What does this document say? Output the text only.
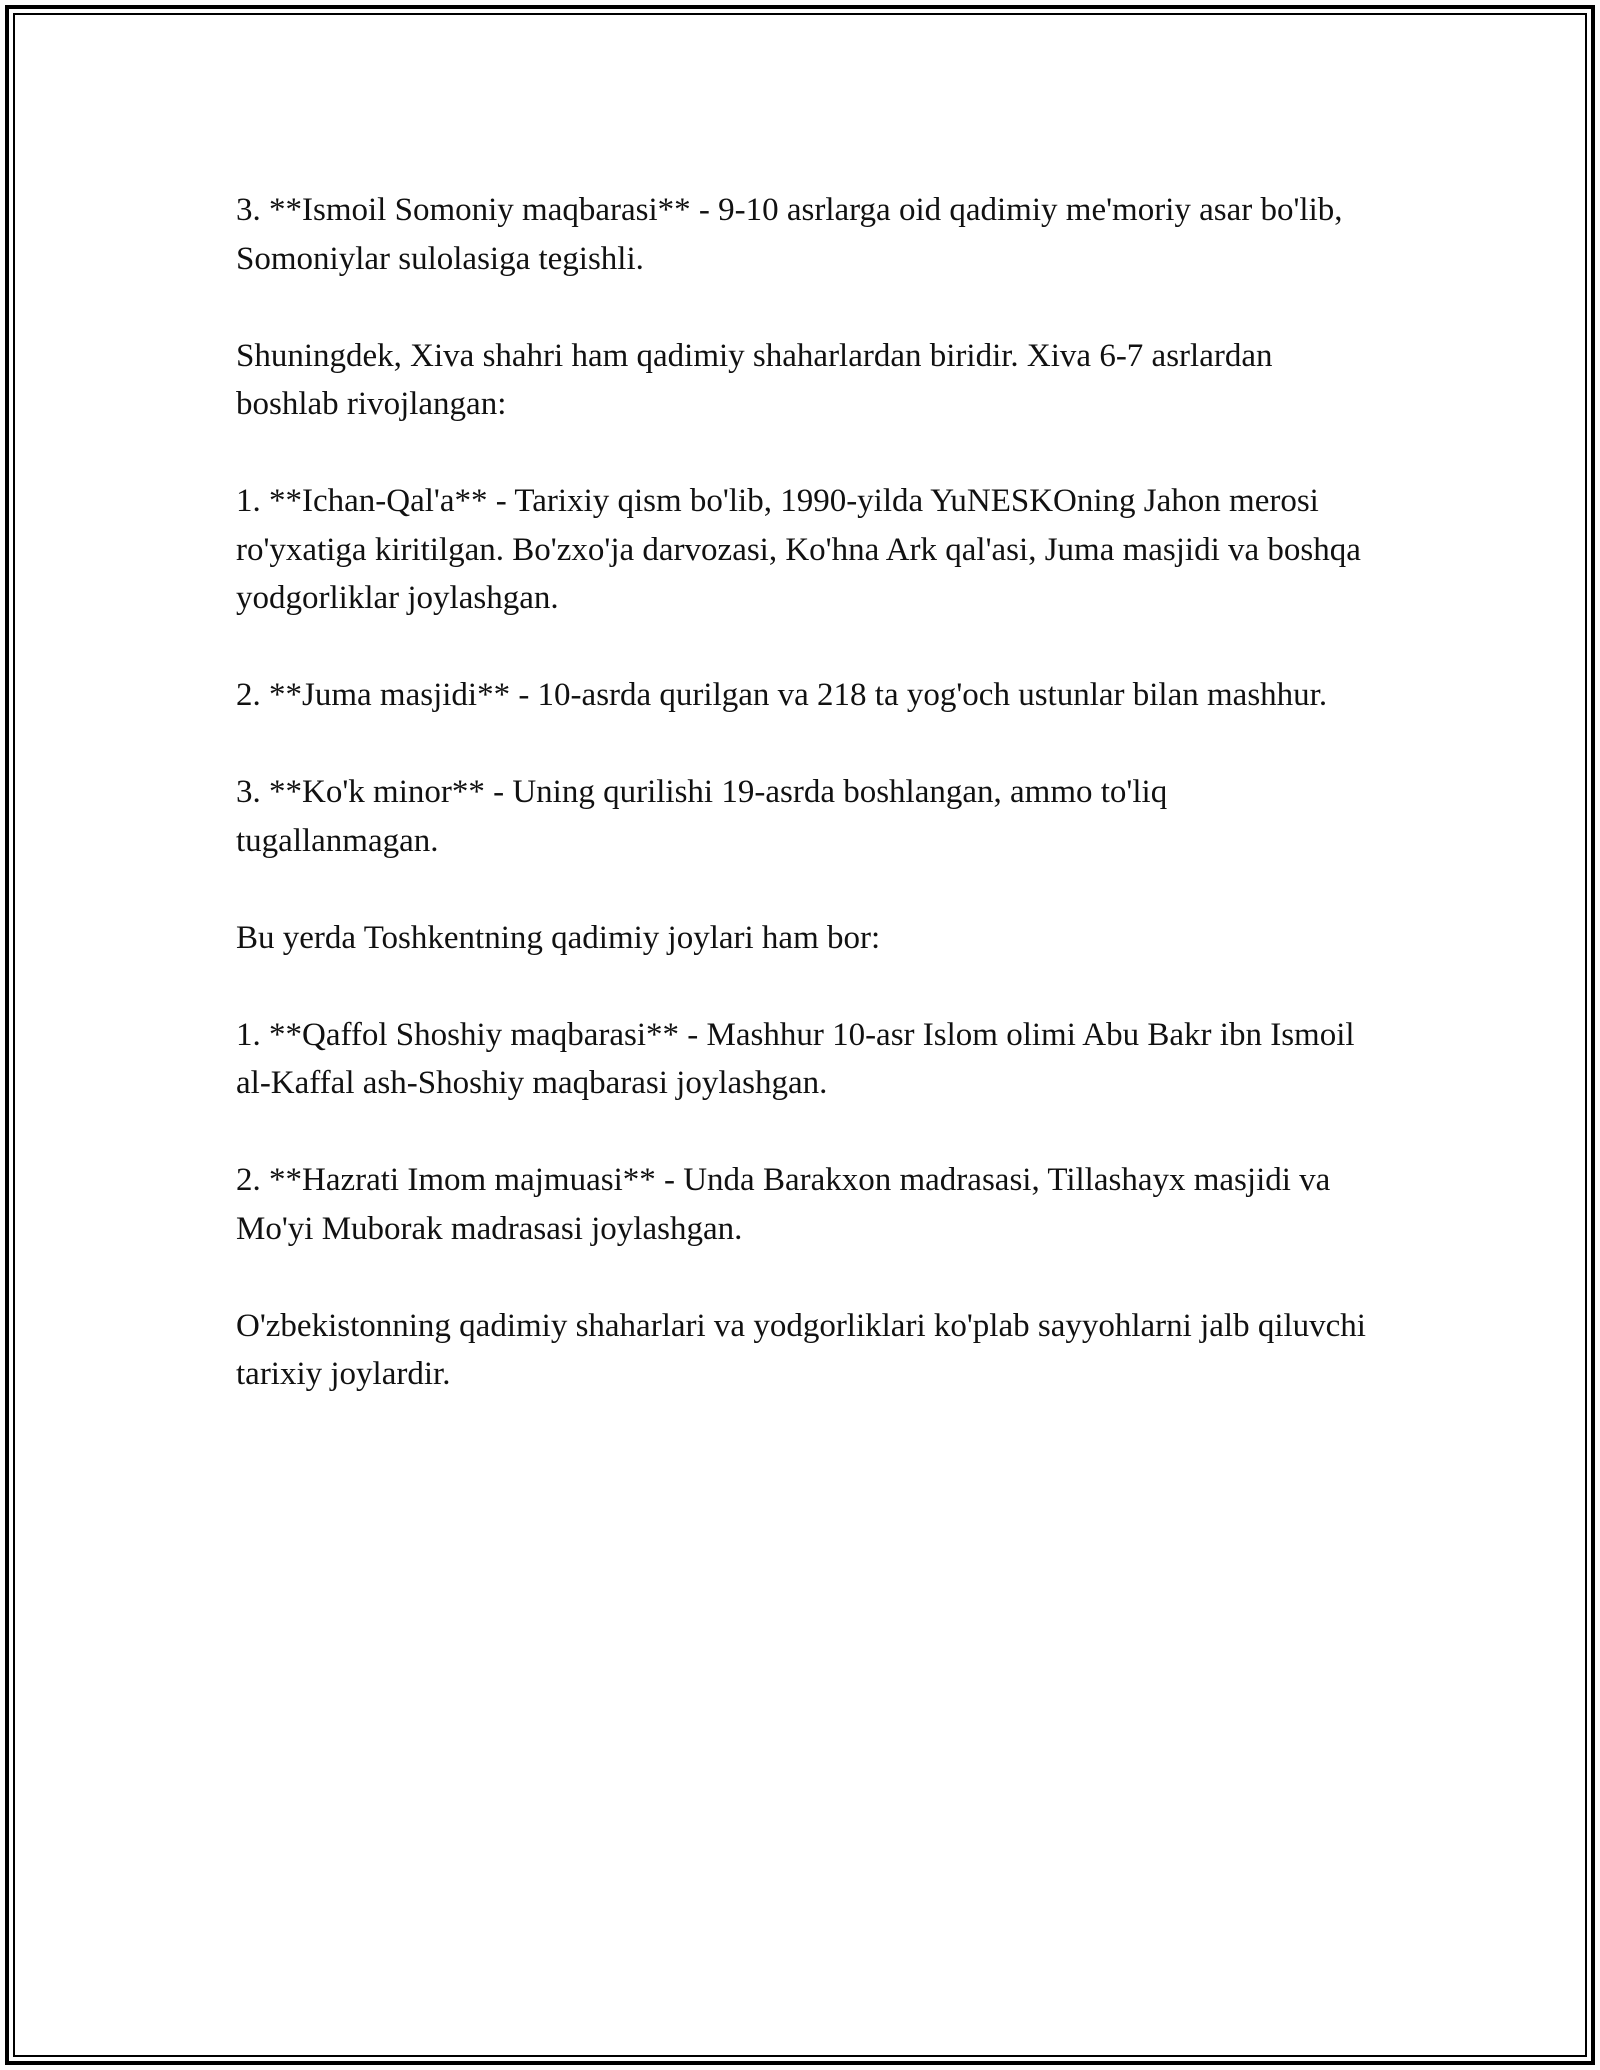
3. **Ismoil Somoniy maqbarasi** - 9-10 asrlarga oid qadimiy me'moriy asar bo'lib, Somoniylar sulolasiga tegishli.

Shuningdek, Xiva shahri ham qadimiy shaharlardan biridir. Xiva 6-7 asrlardan boshlab rivojlangan:

1. **Ichan-Qal'a** - Tarixiy qism bo'lib, 1990-yilda YuNESKOning Jahon merosi ro'yxatiga kiritilgan. Bo'zxo'ja darvozasi, Ko'hna Ark qal'asi, Juma masjidi va boshqa yodgorliklar joylashgan.

2. **Juma masjidi** - 10-asrda qurilgan va 218 ta yog'och ustunlar bilan mashhur.

3. **Ko'k minor** - Uning qurilishi 19-asrda boshlangan, ammo to'liq tugallanmagan.

Bu yerda Toshkentning qadimiy joylari ham bor:

1. **Qaffol Shoshiy maqbarasi** - Mashhur 10-asr Islom olimi Abu Bakr ibn Ismoil al-Kaffal ash-Shoshiy maqbarasi joylashgan.

2. **Hazrati Imom majmuasi** - Unda Barakxon madrasasi, Tillashayx masjidi va Mo'yi Muborak madrasasi joylashgan.

O'zbekistonning qadimiy shaharlari va yodgorliklari ko'plab sayyohlarni jalb qiluvchi tarixiy joylardir.
